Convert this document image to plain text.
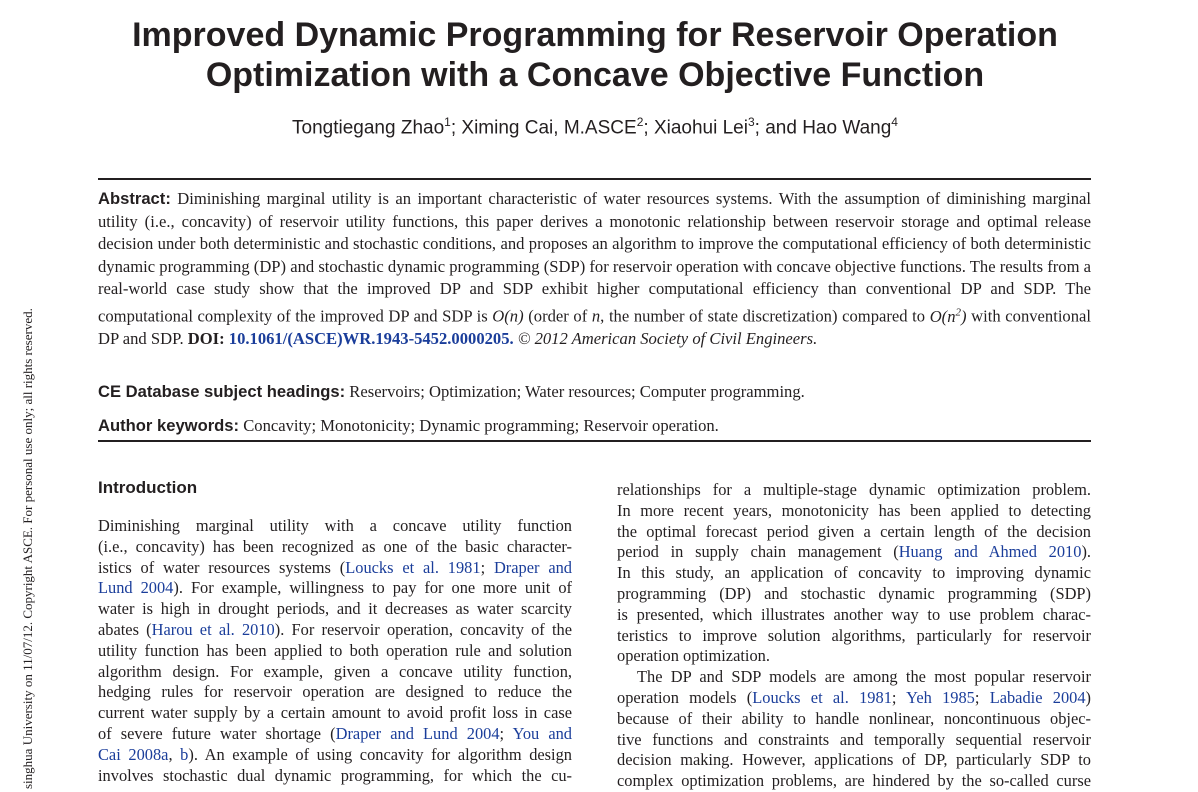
singhua University on 11/07/12. Copyright ASCE. For personal use only; all rights reserved.
Improved Dynamic Programming for Reservoir Operation
Optimization with a Concave Objective Function
Tongtiegang Zhao$^1$; Ximing Cai, M.ASCE$^2$; Xiaohui Lei$^3$; and Hao Wang$^4$
Abstract: Diminishing marginal utility is an important characteristic of water resources systems. With the assumption of diminishing marginal utility (i.e., concavity) of reservoir utility functions, this paper derives a monotonic relationship between reservoir storage and optimal release decision under both deterministic and stochastic conditions, and proposes an algorithm to improve the computational efficiency of both deterministic dynamic programming (DP) and stochastic dynamic programming (SDP) for reservoir operation with concave objective functions. The results from a real-world case study show that the improved DP and SDP exhibit higher computational efficiency than conventional DP and SDP. The computational complexity of the improved DP and SDP is O(n) (order of n, the number of state discretization) compared to $O(n^2)$ with conventional DP and SDP. DOI: 10.1061/(ASCE)WR.1943-5452.0000205. © 2012 American Society of Civil Engineers.
CE Database subject headings: Reservoirs; Optimization; Water resources; Computer programming.
Author keywords: Concavity; Monotonicity; Dynamic programming; Reservoir operation.
Introduction
Diminishing marginal utility with a concave utility function
(i.e., concavity) has been recognized as one of the basic character-
istics of water resources systems (Loucks et al. 1981; Draper and
Lund 2004). For example, willingness to pay for one more unit of
water is high in drought periods, and it decreases as water scarcity
abates (Harou et al. 2010). For reservoir operation, concavity of the
utility function has been applied to both operation rule and solution
algorithm design. For example, given a concave utility function,
hedging rules for reservoir operation are designed to reduce the
current water supply by a certain amount to avoid profit loss in case
of severe future water shortage (Draper and Lund 2004; You and
Cai 2008a, b). An example of using concavity for algorithm design
involves stochastic dual dynamic programming, for which the cu-
relationships for a multiple-stage dynamic optimization problem.
In more recent years, monotonicity has been applied to detecting
the optimal forecast period given a certain length of the decision
period in supply chain management (Huang and Ahmed 2010).
In this study, an application of concavity to improving dynamic
programming (DP) and stochastic dynamic programming (SDP)
is presented, which illustrates another way to use problem charac-
teristics to improve solution algorithms, particularly for reservoir
operation optimization.
The DP and SDP models are among the most popular reservoir
operation models (Loucks et al. 1981; Yeh 1985; Labadie 2004)
because of their ability to handle nonlinear, noncontinuous objec-
tive functions and constraints and temporally sequential reservoir
decision making. However, applications of DP, particularly SDP to
complex optimization problems, are hindered by the so-called curse
